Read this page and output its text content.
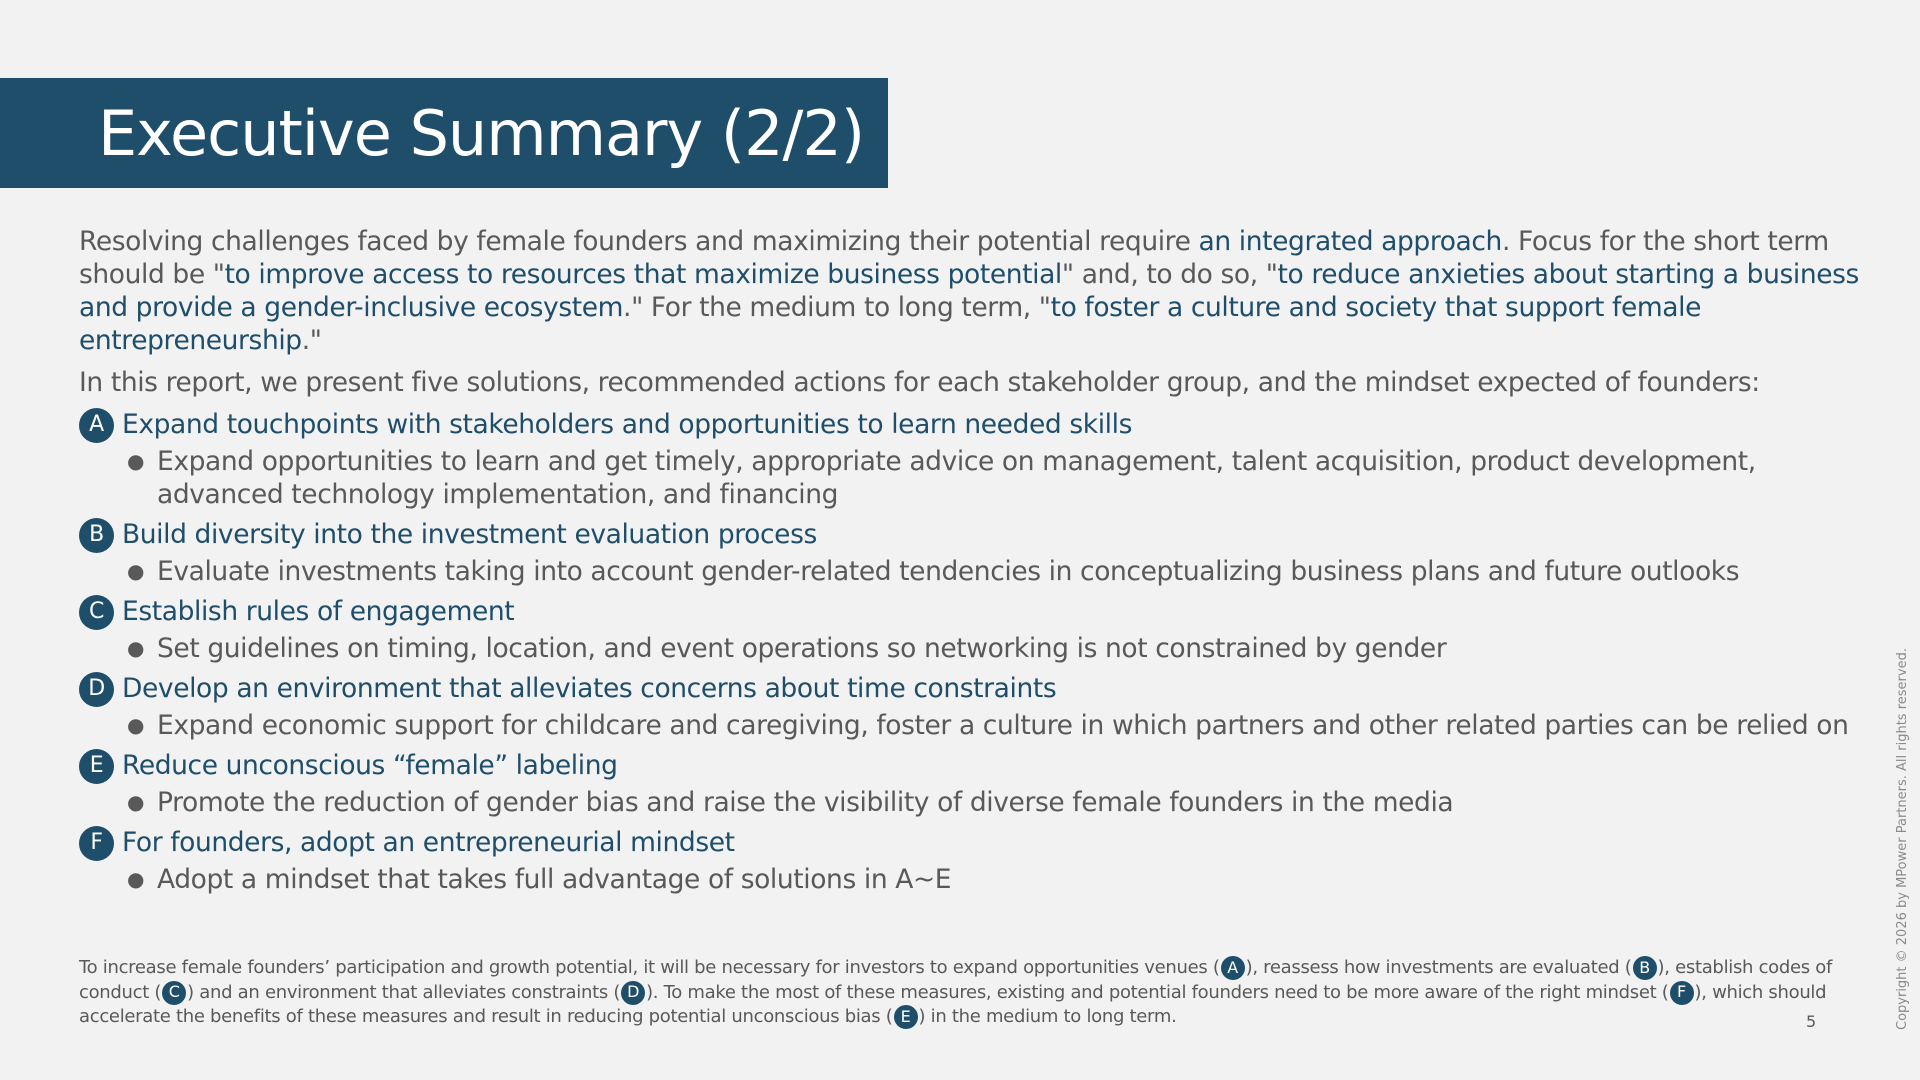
Executive Summary (2/2)

Resolving challenges faced by female founders and maximizing their potential require an integrated approach. Focus for the short term should be "to improve access to resources that maximize business potential" and, to do so, "to reduce anxieties about starting a business and provide a gender-inclusive ecosystem." For the medium to long term, "to foster a culture and society that support female entrepreneurship."

In this report, we present five solutions, recommended actions for each stakeholder group, and the mindset expected of founders:

A Expand touchpoints with stakeholders and opportunities to learn needed skills
● Expand opportunities to learn and get timely, appropriate advice on management, talent acquisition, product development, advanced technology implementation, and financing
B Build diversity into the investment evaluation process
● Evaluate investments taking into account gender-related tendencies in conceptualizing business plans and future outlooks
C Establish rules of engagement
● Set guidelines on timing, location, and event operations so networking is not constrained by gender
D Develop an environment that alleviates concerns about time constraints
● Expand economic support for childcare and caregiving, foster a culture in which partners and other related parties can be relied on
E Reduce unconscious “female” labeling
● Promote the reduction of gender bias and raise the visibility of diverse female founders in the media
F For founders, adopt an entrepreneurial mindset
● Adopt a mindset that takes full advantage of solutions in A~E

To increase female founders’ participation and growth potential, it will be necessary for investors to expand opportunities venues ( A ), reassess how investments are evaluated ( B ), establish codes of conduct ( C ) and an environment that alleviates constraints ( D ). To make the most of these measures, existing and potential founders need to be more aware of the right mindset ( F ), which should accelerate the benefits of these measures and result in reducing potential unconscious bias ( E ) in the medium to long term.	5	Copyright © 2026 by MPower Partners. All rights reserved.
